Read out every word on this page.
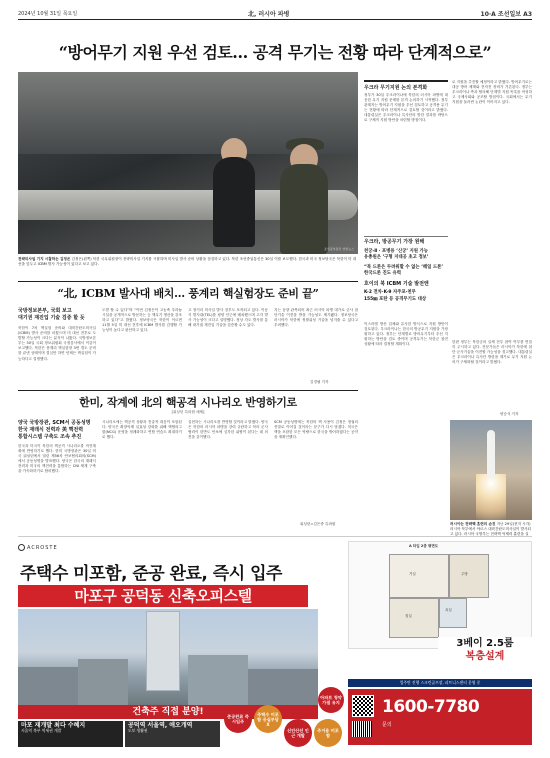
2024년 10월 31일 목요일	北, 러시아 파병	10·A 조선일보 A3
“방어무기 지원 우선 검토… 공격 무기는 전황 따라 단계적으로”
조선중앙통신 연합뉴스
전략미사일 기지 시찰하는 김정은 김정은(왼쪽) 북한 국무위원장이 전략미사일 기지를 시찰하며 미사일 발사 준비 상황을 점검하고 있다. 북한 조선중앙통신은 30일 이를 보도했다. 한국과 미국 정보당국은 북한이 미 대선을 앞두고 ICBM 발사 가능성이 있다고 보고 있다.
“北, ICBM 발사대 배치… 풍계리 핵실험장도 준비 끝”
국방정보본부, 국회 보고
대기권 재진입 기술 검증 할 듯
북한이 7차 핵실험 준비와 대륙간탄도미사일(ICBM) 발사 준비를 마쳤으며 미 대선 전후로 도발할 가능성이 크다는 분석이 나왔다. 국방정보본부는 30일 국회 정보위원회 국정감사에서 이같이 보고했다. 북한은 풍계리 핵실험장 3번 갱도 준비를 끝낸 상태이며 결심만 하면 언제든 핵실험이 가능하다고 설명했다.
도발 할 수 있다”며 “이번 김정은이 고농축 우라늄 시설을 공개적으로 방문하는 등 핵무기 생산을 강조하고 있다”고 밝혔다. 정보당국은 북한이 이르면 11월 5일 미 대선 전후에 ICBM 발사를 감행할 가능성이 높다고 판단하고 있다.
고 장거리 미사일 발사 징후도 포착되고 있다. 이동식 발사대(TEL)를 평양 인근에 배치했으며 고각 발사 가능성이 크다고 설명했다. 정상 각도 발사를 통해 대기권 재진입 기술을 검증할 수도 있다.
지는 동향 관측되어 최근 러시아 파병 대가로 군사 첨단기술 이전을 받을 가능성도 제기됐다. 정보당국은 러시아가 북한에 정찰위성 기술을 넘겨줄 수 있다고 우려했다.
김경필 기자
한미, 작계에 北의 핵공격 시나리오 반영하기로
[워싱턴 특파원 매체]
양국 국방장관, SCM서 공동성명
한국 재래식 전력과 美 핵전력
통합시스템 구축도 조속 추진
한국과 미국이 북한의 핵공격 시나리오를 작전계획에 반영하기로 했다. 한미 국방장관은 30일 미국 워싱턴에서 열린 제56차 안보협의회의(SCM)에서 공동성명을 발표했다. 양국은 한국의 재래식 전력과 미국의 핵전력을 통합하는 CNI 체계 구축을 가속화하기로 합의했다.
시나리오에는 핵공격 상황과 전술적 대응이 포함된다. 양국은 확장억제 실효성 강화를 위해 핵협의그룹(NCG) 운영을 정례화하고 연합 연습도 확대하기로 했다.
실현하는 시나리오를 반영할 것이라고 밝혔다. 양국은 북한의 러시아 파병을 강력 규탄하고 북러 군사협력이 한반도 안보에 심각한 위협이 된다는 데 의견을 같이했다.
SCM 공동성명에는 북한의 핵 사용이 김정은 정권의 종말로 이어질 것이라는 문구가 다시 담겼다. 미국은 핵을 포함한 모든 역량으로 한국을 방어하겠다는 공약을 재확인했다.
워싱턴=김은중 특파원
우크라 무기지원 논의 본격화
정부가 30일 우크라이나에 북한의 러시아 파병에 대응한 무기 지원 문제를 본격 논의하기 시작했다. 정부 관계자는 방어무기 지원을 우선 검토하고 공격용 무기는 전황에 따라 단계적으로 검토할 것이라고 밝혔다. 대통령실은 우크라이나 특사단의 방한 결과를 바탕으로 구체적 지원 방안을 마련할 방침이다.
로 지원을 추진할 예정이라고 밝혔다. 방어무기로는 대공 방어 체계와 전자전 장비가 거론된다. 정부는 우크라이나 측과 협의해 단계별 지원 목록을 작성하고 국제사회와 공조할 방침이다. 국회에서는 무기 지원을 둘러싼 논란이 이어지고 있다.
우크라, 방공무기 가장 원해
천궁-Ⅱ · 포병용 ‘신궁’ 지원 가능
유총원은 ‘구형 지대공 초고 정보’
“북 드론은 두려워할 수 없는 ‘해일 드론’ 한국드론 진도 유력
호이의 북 ICBM 기술 발전엔
K-2 전차·K-9 자주포·천무
155㎜ 포탄 등 공격무기도 대상
이스라엘 방산 업체와 유사한 방식으로 지원 방안이 검토된다. 우크라이나는 한국의 방공무기 지원을 가장 원하고 있다. 정부는 단계별로 방어무기부터 우선 지원하는 방안을 검토 중이며 공격무기는 북한군 참전 상황에 따라 결정할 계획이다.
한편 정부는 북한군의 실제 전투 참여 여부를 면밀히 주시하고 있다. 전문가들은 러시아가 북한에 첨단 군사기술을 이전할 가능성을 경고했다. 대통령실은 우크라이나 특사단 방한을 계기로 무기 지원 논의가 구체화될 것이라고 밝혔다.
양승식 기자
러시아는 전략핵 훈련의 손짓 지난 29일(현지 시각) 러시아 북부에서 야르스 대륙간탄도미사일이 발사되고 있다. 러시아 국방부는 전략핵 억제력 훈련을 실
ACROSTE
주택수 미포함, 준공 완료, 즉시 입주
마포구 공덕동 신축오피스텔
건축주 직접 분양!
마포 재개발 최다 수혜지
서울역 북부 역세권 개발
공덕역 서울역, 애오개역
도보 생활권
준공완료 즉시입주
주택수 미포함 공실부담X
신안산선 인근 개발
주거용 미포함
아파트 청약가점 유지
A 타입 2층 평면도
거실	주방
침실
욕실
3베이 2.5룸
복층설계
업주만 진행 스크린골프장, 피트니스센터 운영 중
문의
1600-7780
